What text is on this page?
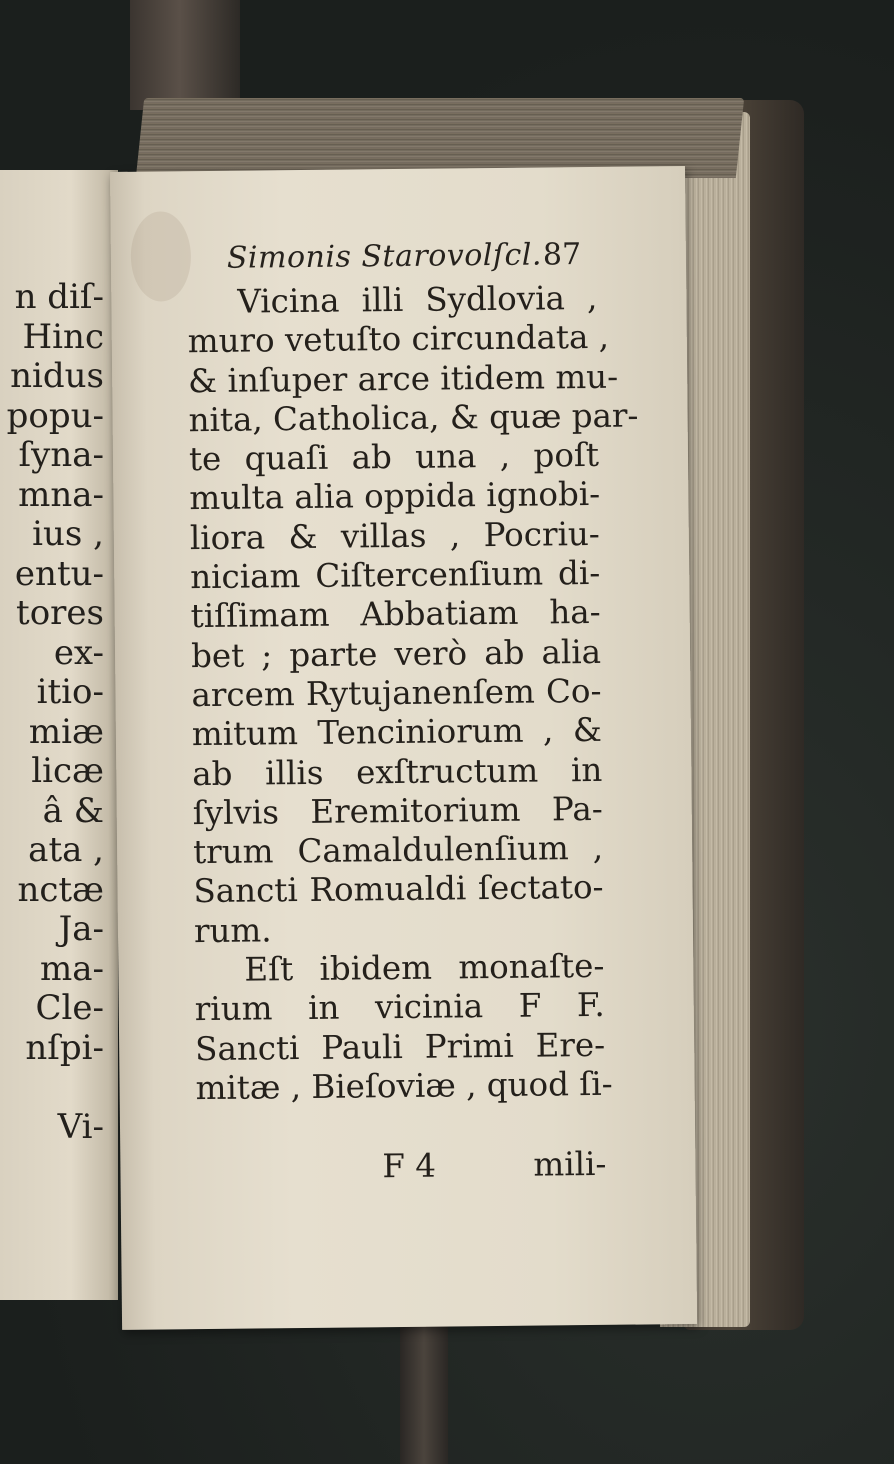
n diſ-
Hinc
nidus
popu-
ſyna-
mna-
ius ,
entu-
tores
ex-
itio-
miæ
licæ
â &
ata ,
nctæ
Ja-
ma-
Cle-
nſpi-
Vi-
Simonis Starovolſcl. 87
Vicina illi Sydlovia ,
muro vetuſto circundata ,
& inſuper arce itidem mu-
nita, Catholica, & quæ par-
te quaſi ab una , poſt
multa alia oppida ignobi-
liora & villas , Pocriu-
niciam Ciſtercenſium di-
tiſſimam Abbatiam ha-
bet ; parte verò ab alia
arcem Rytujanenſem Co-
mitum Tenciniorum , &
ab illis exſtructum in
ſylvis Eremitorium Pa-
trum Camaldulenſium ,
Sancti Romualdi ſectato-
rum.
Eſt ibidem monaſte-
rium in vicinia F F.
Sancti Pauli Primi Ere-
mitæ , Bieſoviæ , quod ſi-
F 4	mili-
